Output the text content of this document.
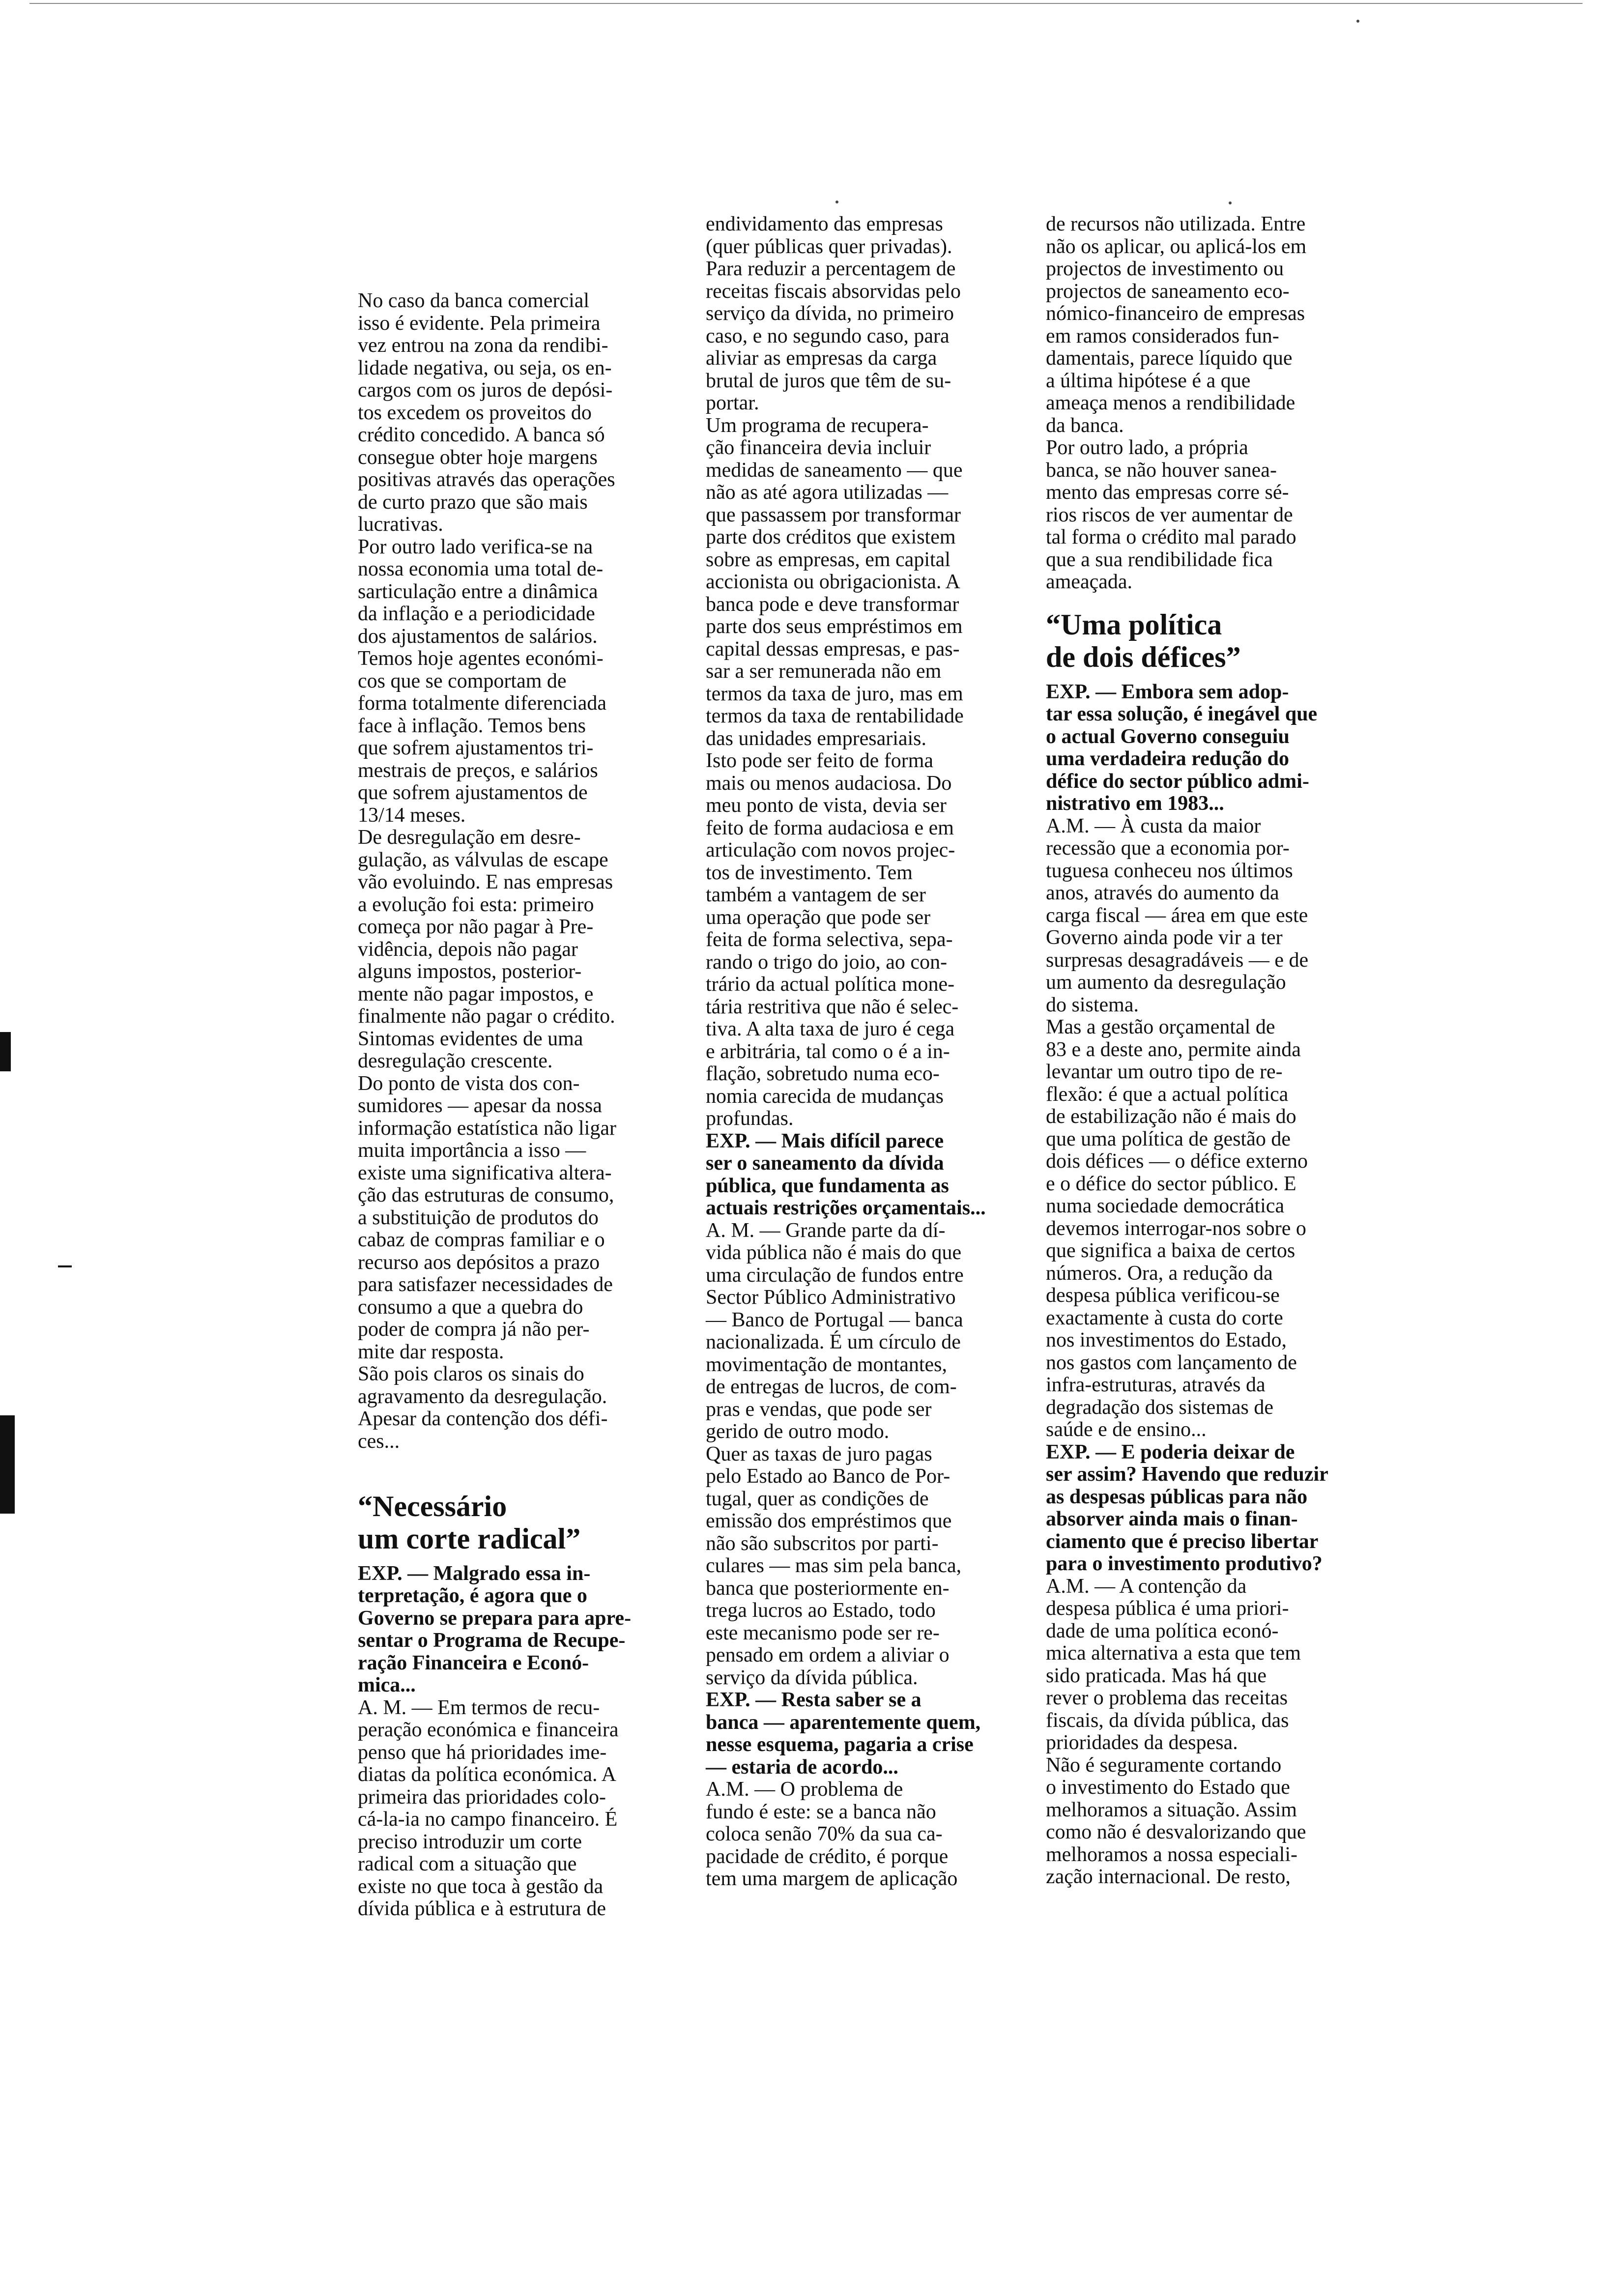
No caso da banca comercial

isso é evidente. Pela primeira

vez entrou na zona da rendibi-

lidade negativa, ou seja, os en-

cargos com os juros de depósi-

tos excedem os proveitos do

crédito concedido. A banca só

consegue obter hoje margens

positivas através das operações

de curto prazo que são mais

lucrativas.

Por outro lado verifica-se na

nossa economia uma total de-

sarticulação entre a dinâmica

da inflação e a periodicidade

dos ajustamentos de salários.

Temos hoje agentes económi-

cos que se comportam de

forma totalmente diferenciada

face à inflação. Temos bens

que sofrem ajustamentos tri-

mestrais de preços, e salários

que sofrem ajustamentos de

13/14 meses.

De desregulação em desre-

gulação, as válvulas de escape

vão evoluindo. E nas empresas

a evolução foi esta: primeiro

começa por não pagar à Pre-

vidência, depois não pagar

alguns impostos, posterior-

mente não pagar impostos, e

finalmente não pagar o crédito.

Sintomas evidentes de uma

desregulação crescente.

Do ponto de vista dos con-

sumidores — apesar da nossa

informação estatística não ligar

muita importância a isso —

existe uma significativa altera-

ção das estruturas de consumo,

a substituição de produtos do

cabaz de compras familiar e o

recurso aos depósitos a prazo

para satisfazer necessidades de

consumo a que a quebra do

poder de compra já não per-

mite dar resposta.

São pois claros os sinais do

agravamento da desregulação.

Apesar da contenção dos défi-

ces...

“Necessário
um corte radical”

EXP. — Malgrado essa in-

terpretação, é agora que o

Governo se prepara para apre-

sentar o Programa de Recupe-

ração Financeira e Econó-

mica...

A. M. — Em termos de recu-

peração económica e financeira

penso que há prioridades ime-

diatas da política económica. A

primeira das prioridades colo-

cá-la-ia no campo financeiro. É

preciso introduzir um corte

radical com a situação que

existe no que toca à gestão da

dívida pública e à estrutura de

endividamento das empresas

(quer públicas quer privadas).

Para reduzir a percentagem de

receitas fiscais absorvidas pelo

serviço da dívida, no primeiro

caso, e no segundo caso, para

aliviar as empresas da carga

brutal de juros que têm de su-

portar.

Um programa de recupera-

ção financeira devia incluir

medidas de saneamento — que

não as até agora utilizadas —

que passassem por transformar

parte dos créditos que existem

sobre as empresas, em capital

accionista ou obrigacionista. A

banca pode e deve transformar

parte dos seus empréstimos em

capital dessas empresas, e pas-

sar a ser remunerada não em

termos da taxa de juro, mas em

termos da taxa de rentabilidade

das unidades empresariais.

Isto pode ser feito de forma

mais ou menos audaciosa. Do

meu ponto de vista, devia ser

feito de forma audaciosa e em

articulação com novos projec-

tos de investimento. Tem

também a vantagem de ser

uma operação que pode ser

feita de forma selectiva, sepa-

rando o trigo do joio, ao con-

trário da actual política mone-

tária restritiva que não é selec-

tiva. A alta taxa de juro é cega

e arbitrária, tal como o é a in-

flação, sobretudo numa eco-

nomia carecida de mudanças

profundas.

EXP. — Mais difícil parece

ser o saneamento da dívida

pública, que fundamenta as

actuais restrições orçamentais...

A. M. — Grande parte da dí-

vida pública não é mais do que

uma circulação de fundos entre

Sector Público Administrativo

— Banco de Portugal — banca

nacionalizada. É um círculo de

movimentação de montantes,

de entregas de lucros, de com-

pras e vendas, que pode ser

gerido de outro modo.

Quer as taxas de juro pagas

pelo Estado ao Banco de Por-

tugal, quer as condições de

emissão dos empréstimos que

não são subscritos por parti-

culares — mas sim pela banca,

banca que posteriormente en-

trega lucros ao Estado, todo

este mecanismo pode ser re-

pensado em ordem a aliviar o

serviço da dívida pública.

EXP. — Resta saber se a

banca — aparentemente quem,

nesse esquema, pagaria a crise

— estaria de acordo...

A.M. — O problema de

fundo é este: se a banca não

coloca senão 70% da sua ca-

pacidade de crédito, é porque

tem uma margem de aplicação

de recursos não utilizada. Entre

não os aplicar, ou aplicá-los em

projectos de investimento ou

projectos de saneamento eco-

nómico-financeiro de empresas

em ramos considerados fun-

damentais, parece líquido que

a última hipótese é a que

ameaça menos a rendibilidade

da banca.

Por outro lado, a própria

banca, se não houver sanea-

mento das empresas corre sé-

rios riscos de ver aumentar de

tal forma o crédito mal parado

que a sua rendibilidade fica

ameaçada.

“Uma política
de dois défices”

EXP. — Embora sem adop-

tar essa solução, é inegável que

o actual Governo conseguiu

uma verdadeira redução do

défice do sector público admi-

nistrativo em 1983...

A.M. — À custa da maior

recessão que a economia por-

tuguesa conheceu nos últimos

anos, através do aumento da

carga fiscal — área em que este

Governo ainda pode vir a ter

surpresas desagradáveis — e de

um aumento da desregulação

do sistema.

Mas a gestão orçamental de

83 e a deste ano, permite ainda

levantar um outro tipo de re-

flexão: é que a actual política

de estabilização não é mais do

que uma política de gestão de

dois défices — o défice externo

e o défice do sector público. E

numa sociedade democrática

devemos interrogar-nos sobre o

que significa a baixa de certos

números. Ora, a redução da

despesa pública verificou-se

exactamente à custa do corte

nos investimentos do Estado,

nos gastos com lançamento de

infra-estruturas, através da

degradação dos sistemas de

saúde e de ensino...

EXP. — E poderia deixar de

ser assim? Havendo que reduzir

as despesas públicas para não

absorver ainda mais o finan-

ciamento que é preciso libertar

para o investimento produtivo?

A.M. — A contenção da

despesa pública é uma priori-

dade de uma política econó-

mica alternativa a esta que tem

sido praticada. Mas há que

rever o problema das receitas

fiscais, da dívida pública, das

prioridades da despesa.

Não é seguramente cortando

o investimento do Estado que

melhoramos a situação. Assim

como não é desvalorizando que

melhoramos a nossa especiali-

zação internacional. De resto,
